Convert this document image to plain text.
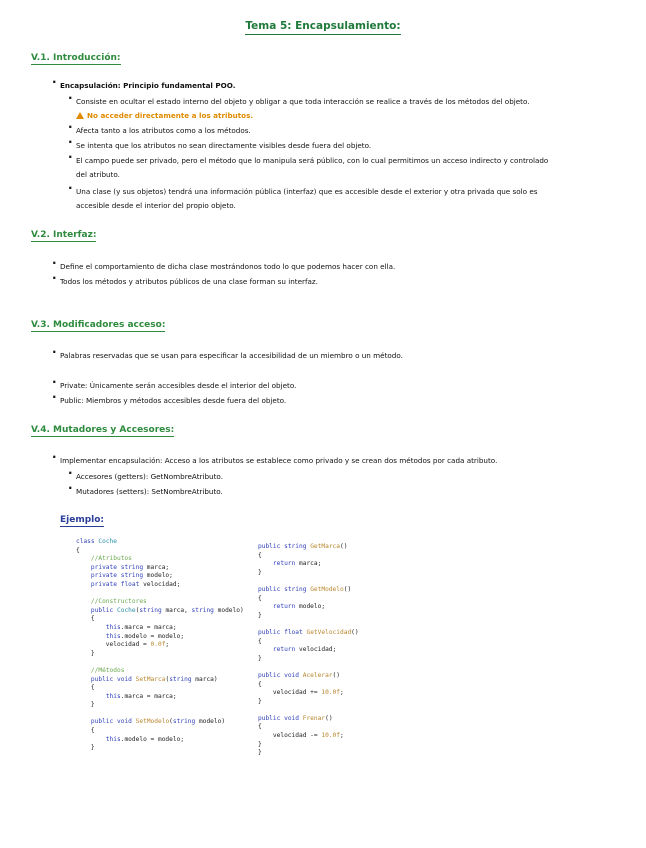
Tema 5: Encapsulamiento:
V.1. Introducción:
· Encapsulación: Principio fundamental POO.
· Consiste en ocultar el estado interno del objeto y obligar a que toda interacción se realice a través de los métodos del objeto.
No acceder directamente a los atributos.
· Afecta tanto a los atributos como a los métodos.
· Se intenta que los atributos no sean directamente visibles desde fuera del objeto.
· El campo puede ser privado, pero el método que lo manipula será público, con lo cual permitimos un acceso indirecto y controlado
del atributo.
· Una clase (y sus objetos) tendrá una información pública (interfaz) que es accesible desde el exterior y otra privada que solo es
accesible desde el interior del propio objeto.
V.2. Interfaz:
· Define el comportamiento de dicha clase mostrándonos todo lo que podemos hacer con ella.
· Todos los métodos y atributos públicos de una clase forman su interfaz.
V.3. Modificadores acceso:
· Palabras reservadas que se usan para especificar la accesibilidad de un miembro o un método.
· Private: Únicamente serán accesibles desde el interior del objeto.
· Public: Miembros y métodos accesibles desde fuera del objeto.
V.4. Mutadores y Accesores:
· Implementar encapsulación: Acceso a los atributos se establece como privado y se crean dos métodos por cada atributo.
· Accesores (getters): GetNombreAtributo.
· Mutadores (setters): SetNombreAtributo.
Ejemplo:
class Coche
{
//Atributos
private string marca;
private string modelo;
private float velocidad;

//Constructores
public Coche(string marca, string modelo)
{
this.marca = marca;
this.modelo = modelo;
velocidad = 0.0f;
}

//Métodos
public void SetMarca(string marca)
{
this.marca = marca;
}

public void SetModelo(string modelo)
{
this.modelo = modelo;
}
public string GetMarca()
{
return marca;
}

public string GetModelo()
{
return modelo;
}

public float GetVelocidad()
{
return velocidad;
}

public void Acelerar()
{
velocidad += 10.0f;
}

public void Frenar()
{
velocidad -= 10.0f;
}
}
